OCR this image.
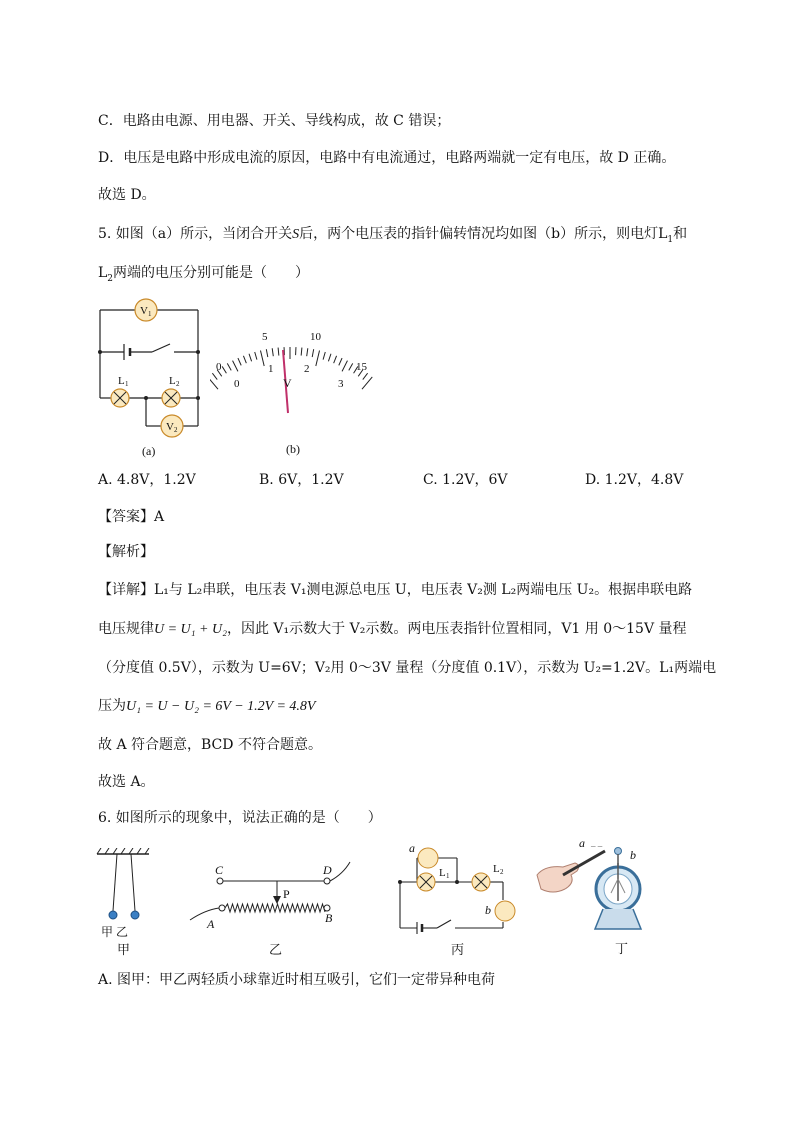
C．电路由电源、用电器、开关、导线构成，故 C 错误；
D．电压是电路中形成电流的原因，电路中有电流通过，电路两端就一定有电压，故 D 正确。
故选 D。
5. 如图（a）所示，当闭合开关S后，两个电压表的指针偏转情况均如图（b）所示，则电灯$L_1$和
$L_2$两端的电压分别可能是（　　）
V 1
L 1	L 2
V 2
(a)
0
5	10
15
0
1	2
3
V
(b)
A. 4.8V，1.2V	B. 6V，1.2V	C. 1.2V，6V	D. 1.2V，4.8V
【答案】A
【解析】
【详解】L₁与 L₂串联，电压表 V₁测电源总电压 U，电压表 V₂测 L₂两端电压 U₂。根据串联电路
电压规律U = U₁ + U₂，因此 V₁示数大于 V₂示数。两电压表指针位置相同，V1 用 0～15V 量程
（分度值 0.5V），示数为 U=6V；V₂用 0～3V 量程（分度值 0.1V），示数为 U₂=1.2V。L₁两端电
压为U₁ = U − U₂ = 6V − 1.2V = 4.8V
故 A 符合题意，BCD 不符合题意。
故选 A。
6. 如图所示的现象中，说法正确的是（　　）
甲 乙
甲
C	D
P
A	B
乙
a
L 1
L 2
b
丙
a – –
b
丁
A. 图甲：甲乙两轻质小球靠近时相互吸引，它们一定带异种电荷
